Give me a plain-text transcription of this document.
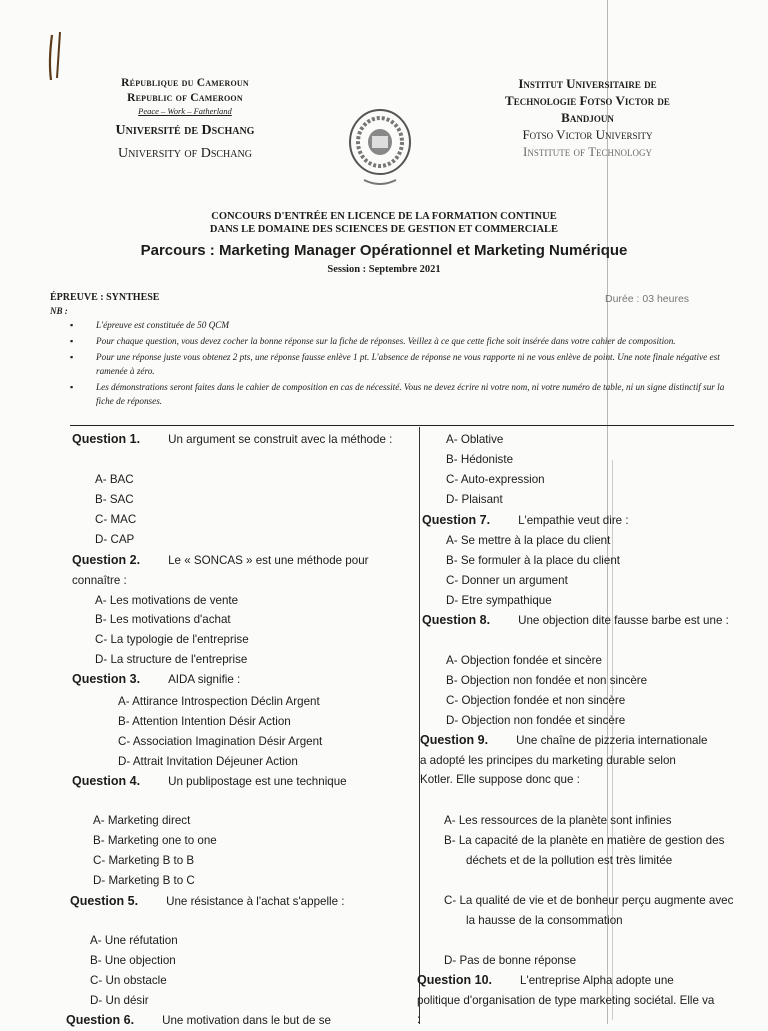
République du Cameroun
Republic of Cameroon
Peace – Work – Fatherland
Université de Dschang
University of Dschang
Institut Universitaire de
Technologie Fotso Victor de
Bandjoun
Fotso Victor University
Institute of Technology
CONCOURS D'ENTRÉE EN LICENCE DE LA FORMATION CONTINUE
DANS LE DOMAINE DES SCIENCES DE GESTION ET COMMERCIALE
Parcours : Marketing Manager Opérationnel et Marketing Numérique
Session : Septembre 2021
ÉPREUVE : SYNTHESE
NB :
Durée : 03 heures
▪ L'épreuve est constituée de 50 QCM
▪ Pour chaque question, vous devez cocher la bonne réponse sur la fiche de réponses. Veillez à ce que cette fiche soit insérée dans votre cahier de composition.
▪ Pour une réponse juste vous obtenez 2 pts, une réponse fausse enlève 1 pt. L'absence de réponse ne vous rapporte ni ne vous enlève de point. Une note finale négative est ramenée à zéro.
▪ Les démonstrations seront faites dans le cahier de composition en cas de nécessité. Vous ne devez écrire ni votre nom, ni votre numéro de table, ni un signe distinctif sur la fiche de réponses.
Question 1. Un argument se construit avec la méthode :
A- BAC
B- SAC
C- MAC
D- CAP
Question 2. Le « SONCAS » est une méthode pour connaître :
A- Les motivations de vente
B- Les motivations d'achat
C- La typologie de l'entreprise
D- La structure de l'entreprise
Question 3. AIDA signifie :
A- Attirance Introspection Déclin Argent
B- Attention Intention Désir Action
C- Association Imagination Désir Argent
D- Attrait Invitation Déjeuner Action
Question 4. Un publipostage est une technique
A- Marketing direct
B- Marketing one to one
C- Marketing B to B
D- Marketing B to C
Question 5. Une résistance à l'achat s'appelle :
A- Une réfutation
B- Une objection
C- Un obstacle
D- Un désir
Question 6. Une motivation dans le but de se
A- Oblative
B- Hédoniste
C- Auto-expression
D- Plaisant
Question 7. L'empathie veut dire :
A- Se mettre à la place du client
B- Se formuler à la place du client
C- Donner un argument
D- Etre sympathique
Question 8. Une objection dite fausse barbe est une :
A- Objection fondée et sincère
B- Objection non fondée et non sincère
C- Objection fondée et non sincère
D- Objection non fondée et sincère
Question 9. Une chaîne de pizzeria internationale a adopté les principes du marketing durable selon Kotler. Elle suppose donc que :
A- Les ressources de la planète sont infinies
B- La capacité de la planète en matière de gestion des déchets et de la pollution est très limitée
C- La qualité de vie et de bonheur perçu augmente avec la hausse de la consommation
D- Pas de bonne réponse
Question 10. L'entreprise Alpha adopte une politique d'organisation de type marketing sociétal. Elle va :
